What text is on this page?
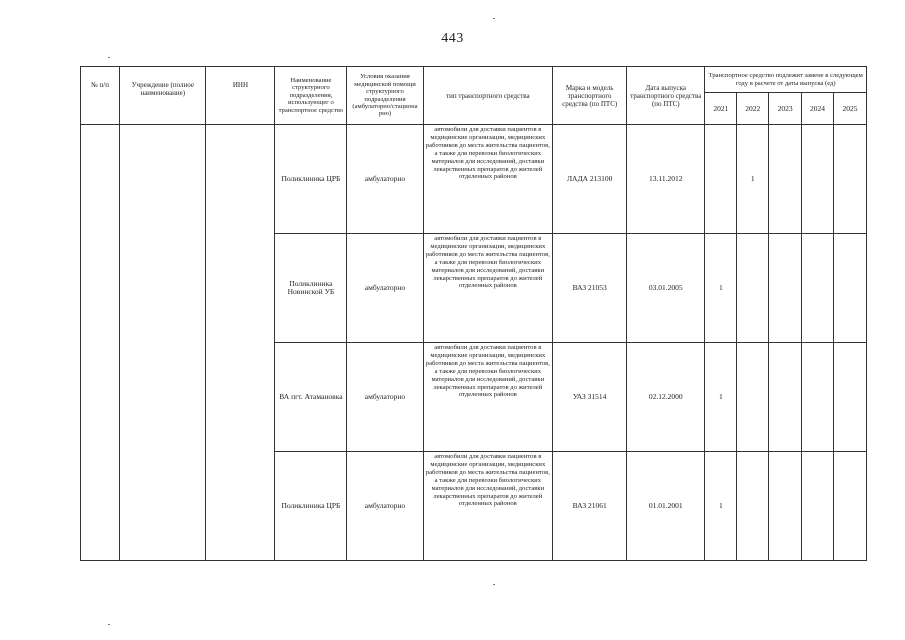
443
№ п/п	Учреждение (полное наименование)	ИНН	Наименование структурного подразделения, использующег о транспортное средство	Условия оказания медицинской помощи структурного подразделения (амбулаторно/стациона рно)	тип транспортного средства	Марка и модель транспортного средства (по ПТС)	Дата выпуска транспортного средства (по ПТС)	Транспортное средство подлежит замене в следующем году в расчете от даты выпуска (ед)				
								2021	2022	2023	2024	2025
			Поликлиника ЦРБ	амбулаторно	автомобили для доставки пациентов в медицинские организации, медицинских работников до места жительства пациентов, а также для перевозки биологических материалов для исследований, доставки лекарственных препаратов до жителей отделенных районов	ЛАДА 213100	13.11.2012		1			
			Поликлиника Новинской УБ	амбулаторно	автомобили для доставки пациентов в медицинские организации, медицинских работников до места жительства пациентов, а также для перевозки биологических материалов для исследований, доставки лекарственных препаратов до жителей отделенных районов	ВАЗ 21053	03.01.2005	1				
			ВА пгт. Атамановка	амбулаторно	автомобили для доставки пациентов в медицинские организации, медицинских работников до места жительства пациентов, а также для перевозки биологических материалов для исследований, доставки лекарственных препаратов до жителей отделенных районов	УАЗ 31514	02.12.2000	1				
			Поликлиника ЦРБ	амбулаторно	автомобили для доставки пациентов в медицинские организации, медицинских работников до места жительства пациентов, а также для перевозки биологических материалов для исследований, доставки лекарственных препаратов до жителей отделенных районов	ВАЗ 21061	01.01.2001	1				
